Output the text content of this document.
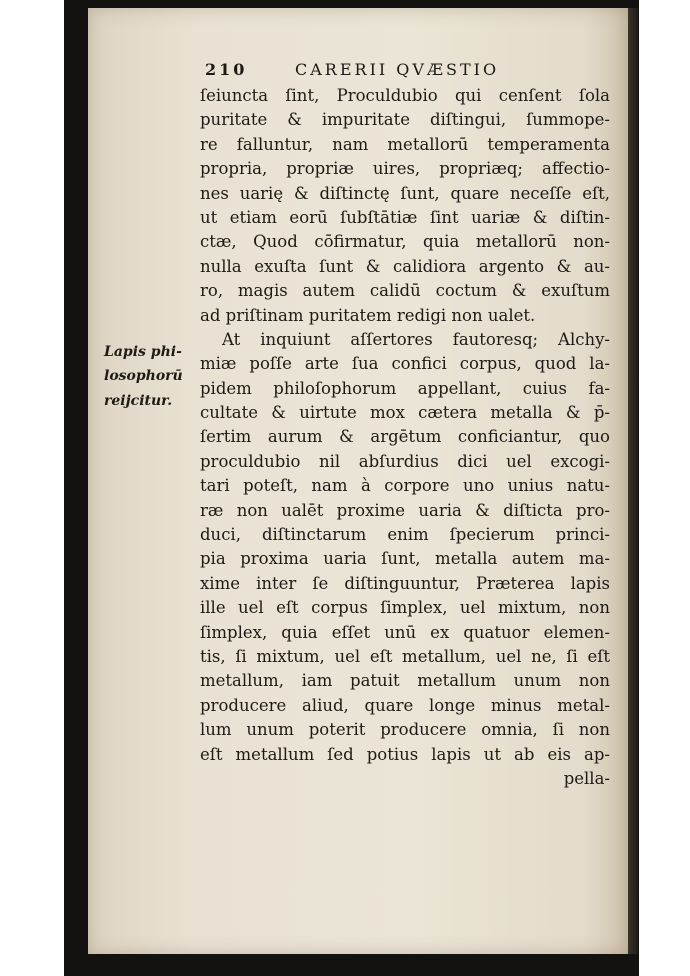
210	CARERII QVÆSTIO
Lapis phi-
losophorū
reijcitur.
ſeiuncta ſint, Proculdubio qui cenſent ſola
puritate & impuritate diſtingui, ſummope-
re falluntur, nam metallorū temperamenta
propria, propriæ uires, propriæq; affectio-
nes uarię & diſtinctę ſunt, quare neceſſe eſt,
ut etiam eorū ſubſtātiæ ſint uariæ & diſtin-
ctæ, Quod cōfirmatur, quia metallorū non-
nulla exuſta ſunt & calidiora argento & au-
ro, magis autem calidū coctum & exuſtum
ad priſtinam puritatem redigi non ualet.
At inquiunt aſſertores fautoresq; Alchy-
miæ poſſe arte ſua confici corpus, quod la-
pidem philoſophorum appellant, cuius fa-
cultate & uirtute mox cætera metalla & p̄-
ſertim aurum & argētum conficiantur, quo
proculdubio nil abſurdius dici uel excogi-
tari poteſt, nam à corpore uno unius natu-
ræ non ualēt proxime uaria & diſticta pro-
duci, diſtinctarum enim ſpecierum princi-
pia proxima uaria ſunt, metalla autem ma-
xime inter ſe diſtinguuntur, Præterea lapis
ille uel eſt corpus ſimplex, uel mixtum, non
ſimplex, quia eſſet unū ex quatuor elemen-
tis, ſi mixtum, uel eſt metallum, uel ne, ſi eſt
metallum, iam patuit metallum unum non
producere aliud, quare longe minus metal-
lum unum poterit producere omnia, ſi non
eſt metallum ſed potius lapis ut ab eis ap-
pella-
